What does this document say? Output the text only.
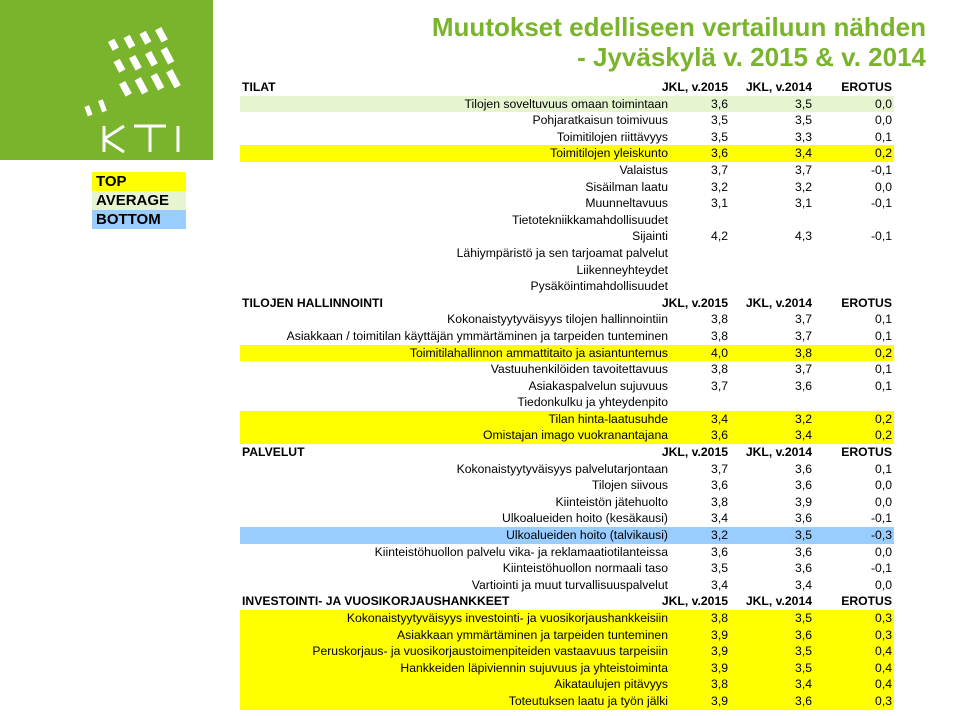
TOP
AVERAGE
BOTTOM
Muutokset edelliseen vertailuun nähden
- Jyväskylä v. 2015 & v. 2014
TILAT	JKL, v.2015 JKL, v.2014 EROTUS
Tilojen soveltuvuus omaan toimintaan	3,6	3,5	0,0
Pohjaratkaisun toimivuus	3,5	3,5	0,0
Toimitilojen riittävyys	3,5	3,3	0,1
Toimitilojen yleiskunto	3,6	3,4	0,2
Valaistus	3,7	3,7	-0,1
Sisäilman laatu	3,2	3,2	0,0
Muunneltavuus	3,1	3,1	-0,1
Tietotekniikkamahdollisuudet
Sijainti	4,2	4,3	-0,1
Lähiympäristö ja sen tarjoamat palvelut
Liikenneyhteydet
Pysäköintimahdollisuudet
TILOJEN HALLINNOINTI	JKL, v.2015 JKL, v.2014 EROTUS
Kokonaistyytyväisyys tilojen hallinnointiin	3,8	3,7	0,1
Asiakkaan / toimitilan käyttäjän ymmärtäminen ja tarpeiden tunteminen	3,8	3,7	0,1
Toimitilahallinnon ammattitaito ja asiantuntemus	4,0	3,8	0,2
Vastuuhenkilöiden tavoitettavuus	3,8	3,7	0,1
Asiakaspalvelun sujuvuus	3,7	3,6	0,1
Tiedonkulku ja yhteydenpito
Tilan hinta-laatusuhde	3,4	3,2	0,2
Omistajan imago vuokranantajana	3,6	3,4	0,2
PALVELUT	JKL, v.2015 JKL, v.2014 EROTUS
Kokonaistyytyväisyys palvelutarjontaan	3,7	3,6	0,1
Tilojen siivous	3,6	3,6	0,0
Kiinteistön jätehuolto	3,8	3,9	0,0
Ulkoalueiden hoito (kesäkausi)	3,4	3,6	-0,1
Ulkoalueiden hoito (talvikausi)	3,2	3,5	-0,3
Kiinteistöhuollon palvelu vika- ja reklamaatiotilanteissa	3,6	3,6	0,0
Kiinteistöhuollon normaali taso	3,5	3,6	-0,1
Vartiointi ja muut turvallisuuspalvelut	3,4	3,4	0,0
INVESTOINTI- JA VUOSIKORJAUSHANKKEET	JKL, v.2015 JKL, v.2014 EROTUS
Kokonaistyytyväisyys investointi- ja vuosikorjaushankkeisiin	3,8	3,5	0,3
Asiakkaan ymmärtäminen ja tarpeiden tunteminen	3,9	3,6	0,3
Peruskorjaus- ja vuosikorjaustoimenpiteiden vastaavuus tarpeisiin	3,9	3,5	0,4
Hankkeiden läpiviennin sujuvuus ja yhteistoiminta	3,9	3,5	0,4
Aikataulujen pitävyys	3,8	3,4	0,4
Toteutuksen laatu ja työn jälki	3,9	3,6	0,3
